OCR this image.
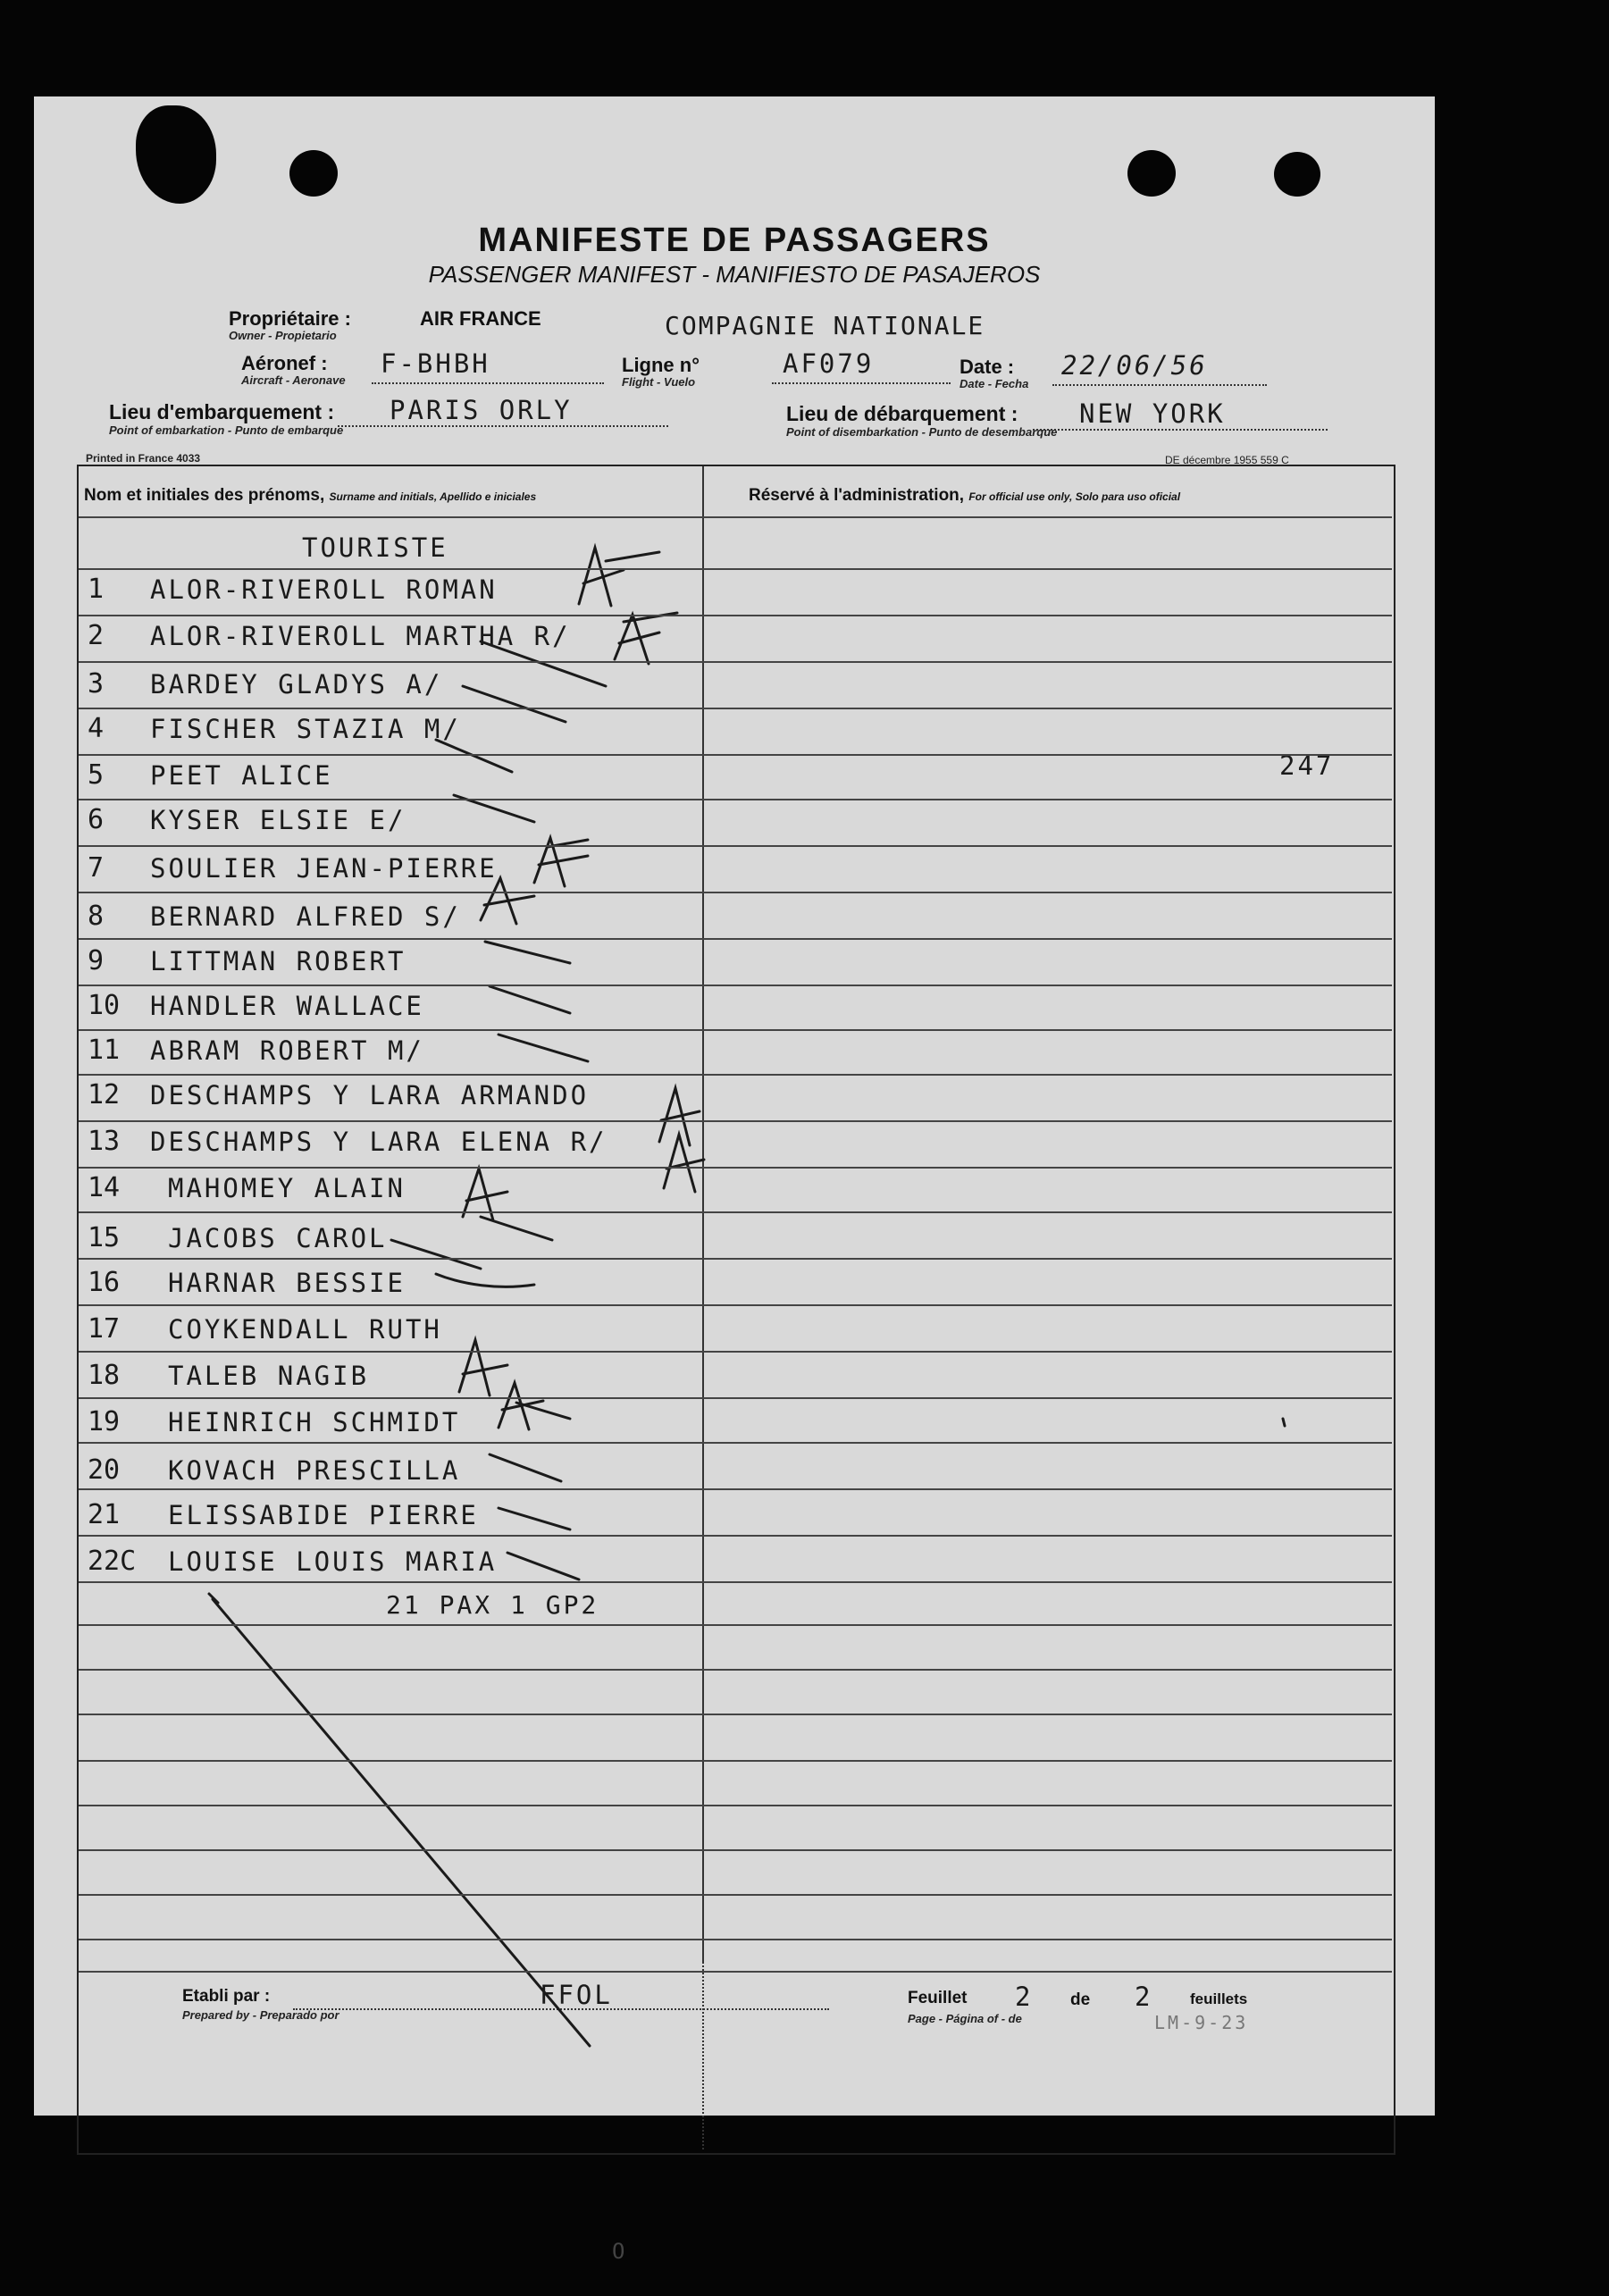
MANIFESTE DE PASSAGERS
PASSENGER MANIFEST - MANIFIESTO DE PASAJEROS
Propriétaire :
Owner - Propietario
AIR FRANCE	COMPAGNIE NATIONALE
Aéronef :
Aircraft - Aeronave
F-BHBH	Ligne n°
Flight - Vuelo
AF079	Date :
Date - Fecha
22/06/56
Lieu d'embarquement :
Point of embarkation - Punto de embarque
PARIS ORLY	Lieu de débarquement :
Point of disembarkation - Punto de desembarque
NEW YORK
Printed in France 4033	DE décembre 1955 559 C
Nom et initiales des prénoms, Surname and initials, Apellido e iniciales	Réservé à l'administration, For official use only, Solo para uso oficial
TOURISTE
247
21 PAX 1 GP2
Etabli par :
Prepared by - Preparado por
FFOL	Feuillet 2 de 2 feuillets
Page - Página of - de	LM-9-23
1 ALOR-RIVEROLL ROMAN
2 ALOR-RIVEROLL MARTHA R/
3 BARDEY GLADYS A/
4 FISCHER STAZIA M/
5 PEET ALICE
6 KYSER ELSIE E/
7 SOULIER JEAN-PIERRE
8 BERNARD ALFRED S/
9 LITTMAN ROBERT
10 HANDLER WALLACE
11 ABRAM ROBERT M/
12 DESCHAMPS Y LARA ARMANDO
13 DESCHAMPS Y LARA ELENA R/
14 MAHOMEY ALAIN
15 JACOBS CAROL
16 HARNAR BESSIE
17 COYKENDALL RUTH
18 TALEB NAGIB
19 HEINRICH SCHMIDT
20 KOVACH PRESCILLA
21 ELISSABIDE PIERRE
22C LOUISE LOUIS MARIA
O
